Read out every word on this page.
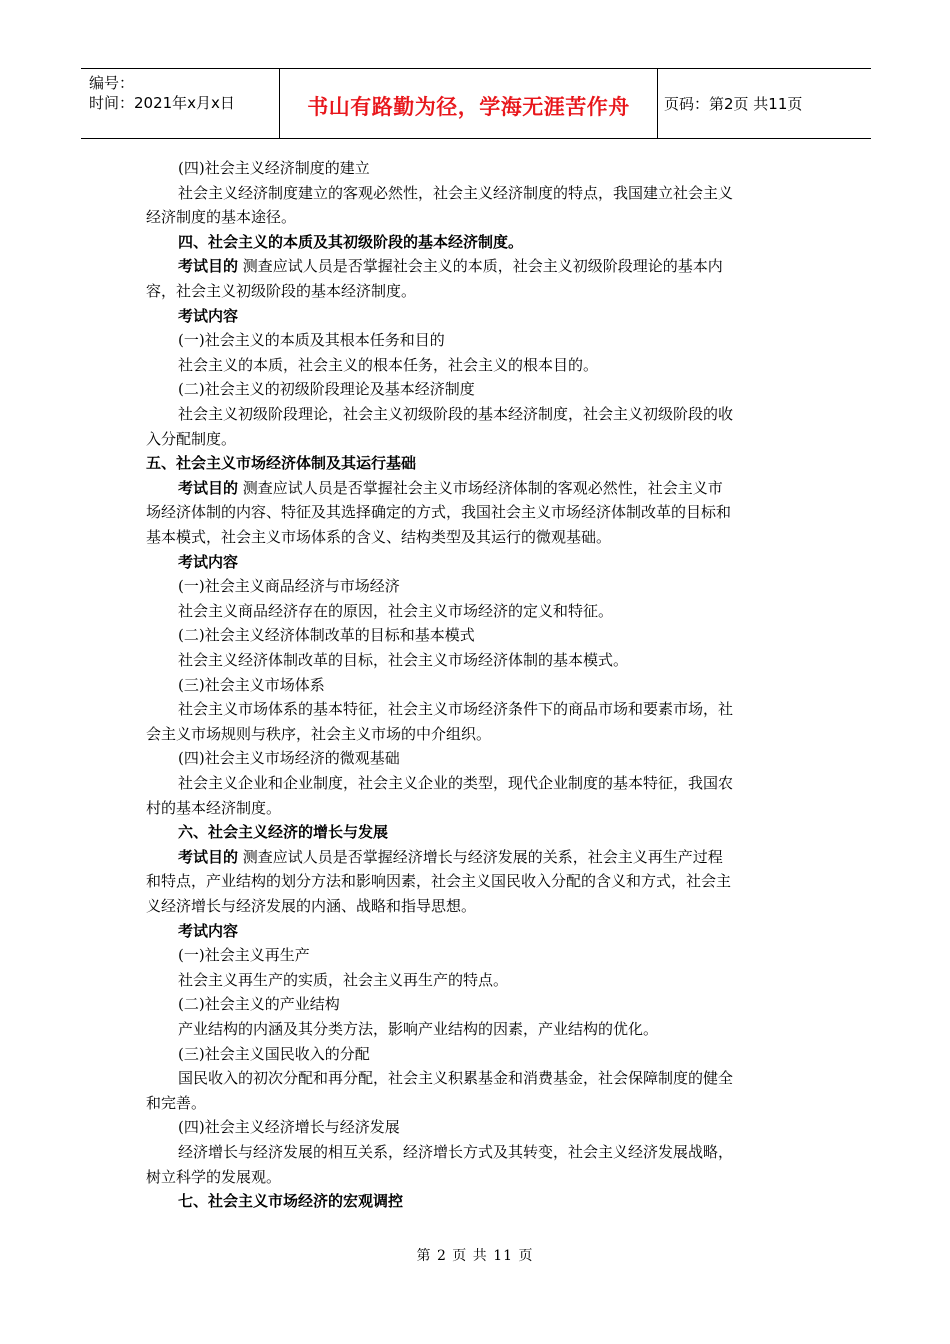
编号：
时间：2021年x月x日	书山有路勤为径，学海无涯苦作舟	页码：第2页 共11页
(四)社会主义经济制度的建立
社会主义经济制度建立的客观必然性，社会主义经济制度的特点，我国建立社会主义
经济制度的基本途径。
四、社会主义的本质及其初级阶段的基本经济制度。
考试目的 测查应试人员是否掌握社会主义的本质，社会主义初级阶段理论的基本内
容，社会主义初级阶段的基本经济制度。
考试内容
(一)社会主义的本质及其根本任务和目的
社会主义的本质，社会主义的根本任务，社会主义的根本目的。
(二)社会主义的初级阶段理论及基本经济制度
社会主义初级阶段理论，社会主义初级阶段的基本经济制度，社会主义初级阶段的收
入分配制度。
五、社会主义市场经济体制及其运行基础
考试目的 测查应试人员是否掌握社会主义市场经济体制的客观必然性，社会主义市
场经济体制的内容、特征及其选择确定的方式，我国社会主义市场经济体制改革的目标和
基本模式，社会主义市场体系的含义、结构类型及其运行的微观基础。
考试内容
(一)社会主义商品经济与市场经济
社会主义商品经济存在的原因，社会主义市场经济的定义和特征。
(二)社会主义经济体制改革的目标和基本模式
社会主义经济体制改革的目标，社会主义市场经济体制的基本模式。
(三)社会主义市场体系
社会主义市场体系的基本特征，社会主义市场经济条件下的商品市场和要素市场，社
会主义市场规则与秩序，社会主义市场的中介组织。
(四)社会主义市场经济的微观基础
社会主义企业和企业制度，社会主义企业的类型，现代企业制度的基本特征，我国农
村的基本经济制度。
六、社会主义经济的增长与发展
考试目的 测查应试人员是否掌握经济增长与经济发展的关系，社会主义再生产过程
和特点，产业结构的划分方法和影响因素，社会主义国民收入分配的含义和方式，社会主
义经济增长与经济发展的内涵、战略和指导思想。
考试内容
(一)社会主义再生产
社会主义再生产的实质，社会主义再生产的特点。
(二)社会主义的产业结构
产业结构的内涵及其分类方法，影响产业结构的因素，产业结构的优化。
(三)社会主义国民收入的分配
国民收入的初次分配和再分配，社会主义积累基金和消费基金，社会保障制度的健全
和完善。
(四)社会主义经济增长与经济发展
经济增长与经济发展的相互关系，经济增长方式及其转变，社会主义经济发展战略，
树立科学的发展观。
七、社会主义市场经济的宏观调控
第 2 页 共 11 页
